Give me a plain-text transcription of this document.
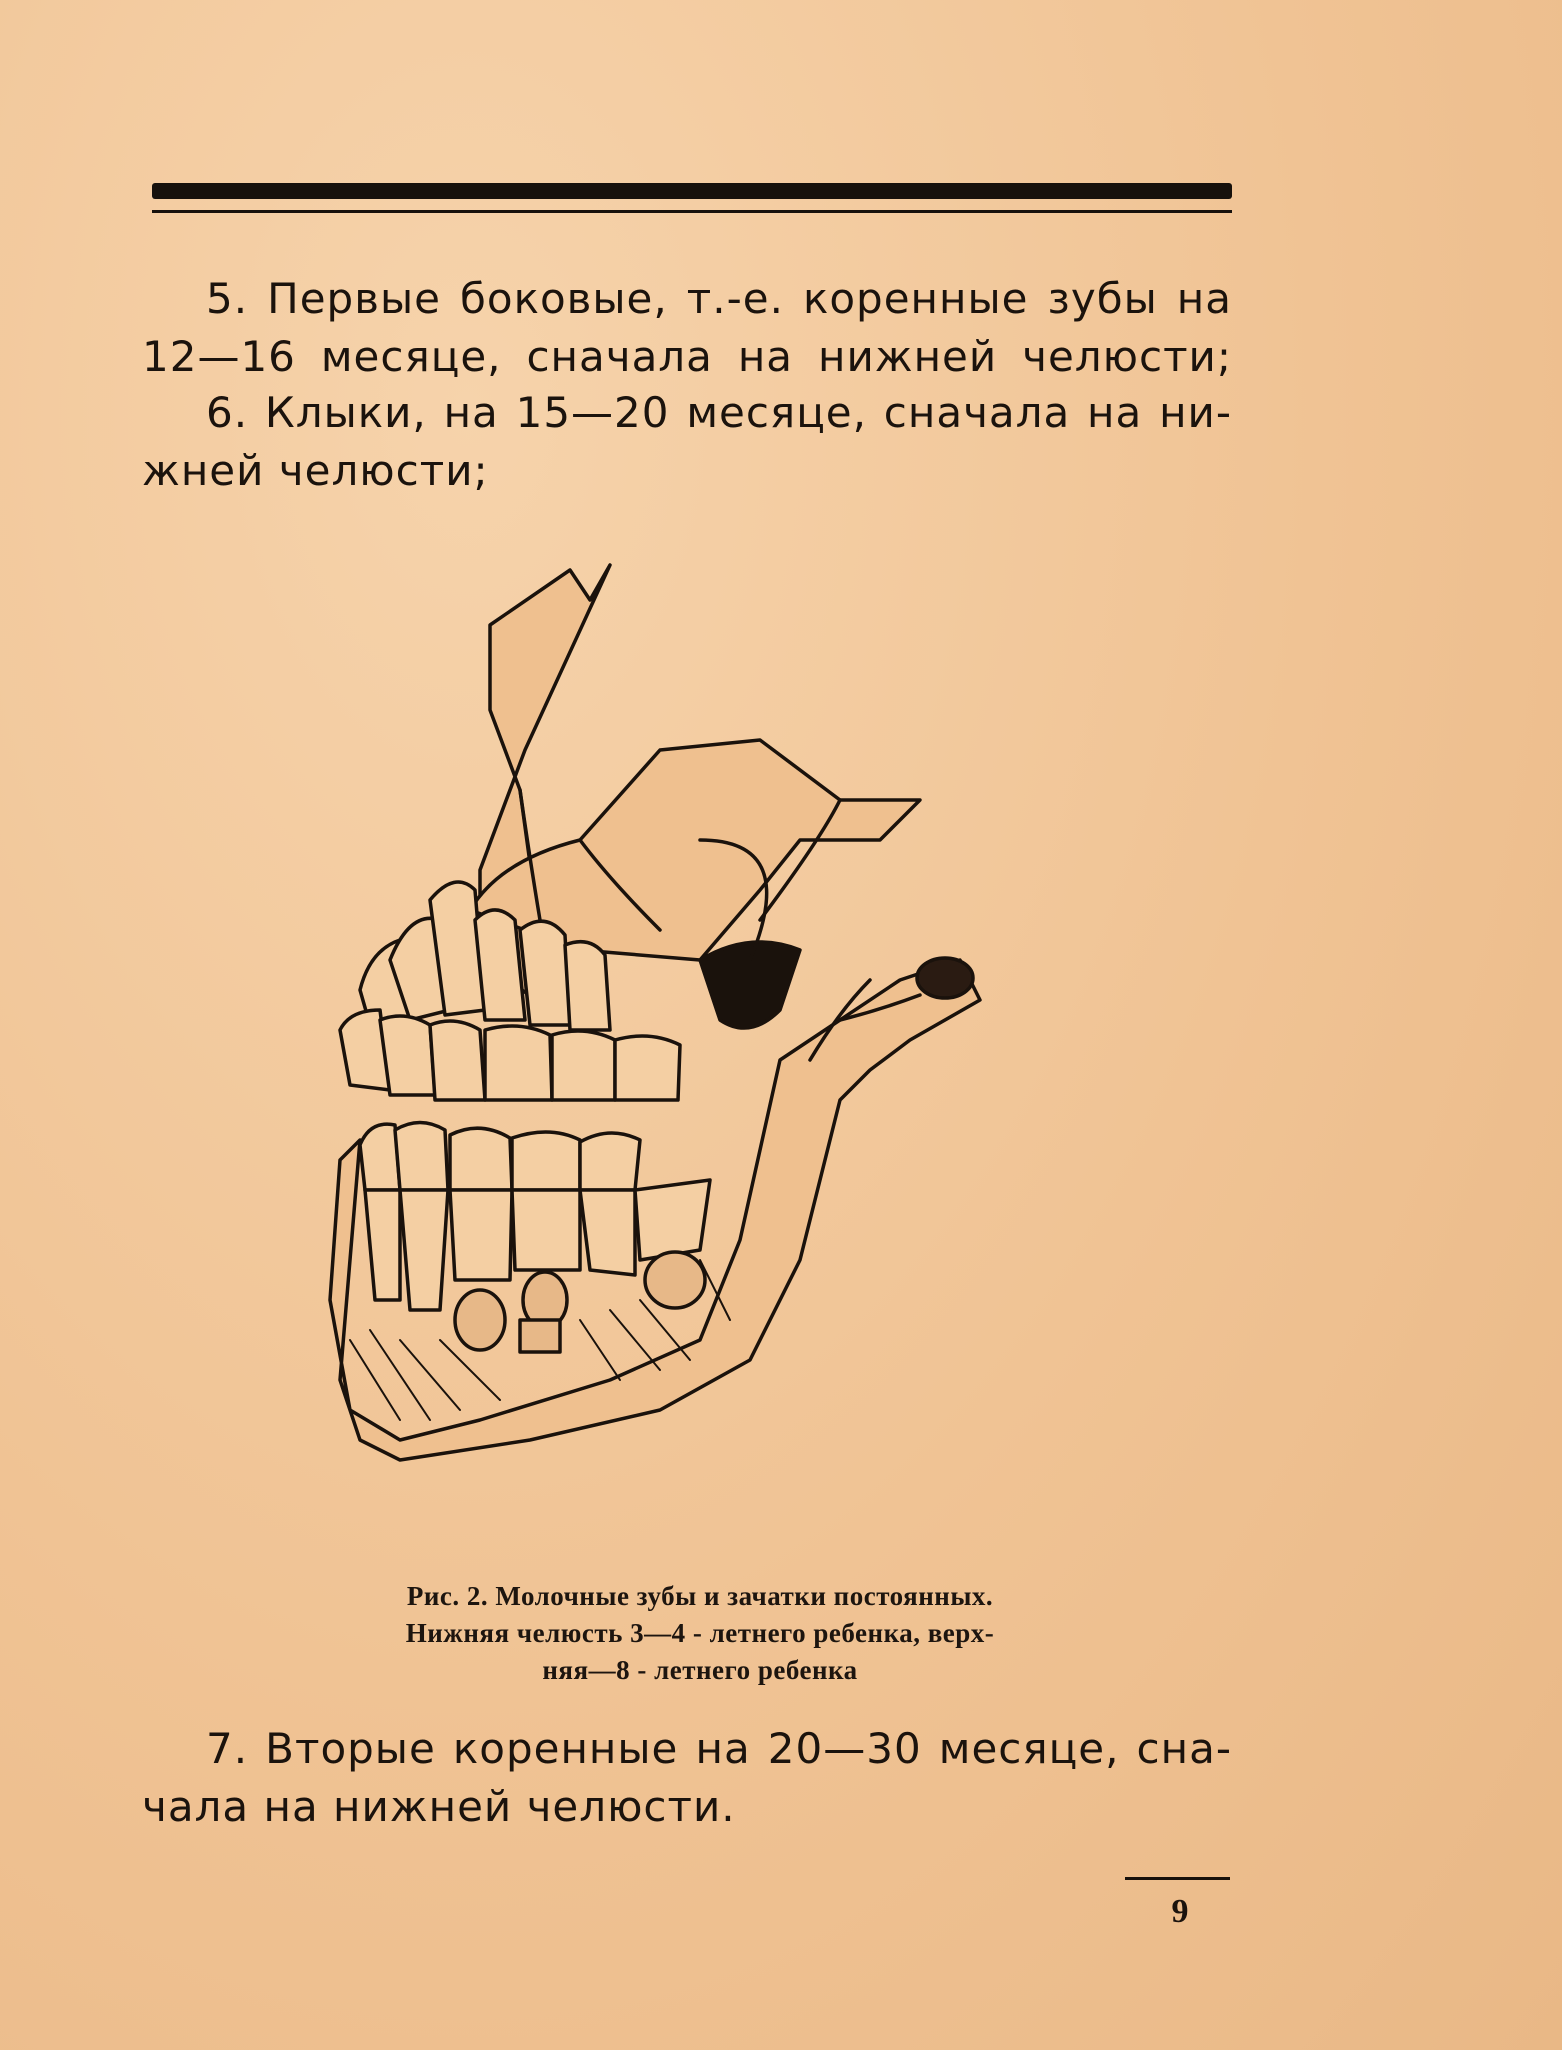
5. Первые боковые, т.-е. коренные зубы на
12—16 месяце, сначала на нижней челюсти;
6. Клыки, на 15—20 месяце, сначала на ни-
жней челюсти;
Рис. 2. Молочные зубы и зачатки постоянных.
Нижняя челюсть 3—4 - летнего ребенка, верх-
няя—8 - летнего ребенка
7. Вторые коренные на 20—30 месяце, сна-
чала на нижней челюсти.
9
